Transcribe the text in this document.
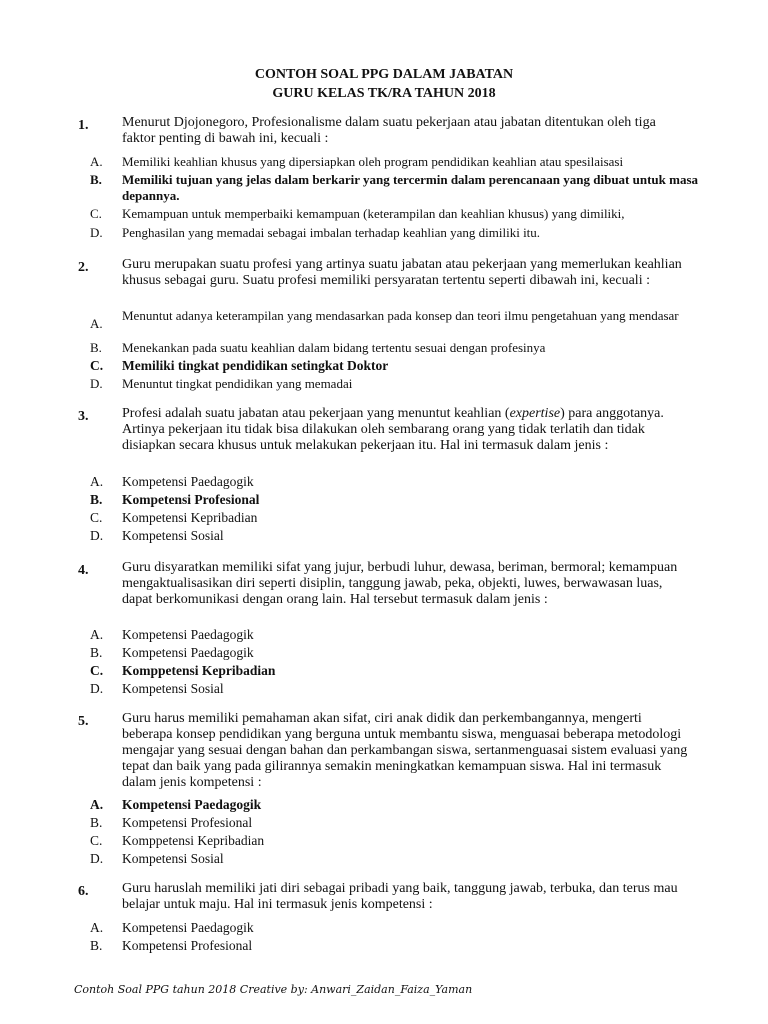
CONTOH SOAL PPG DALAM JABATAN
GURU KELAS TK/RA TAHUN 2018
1. Menurut Djojonegoro, Profesionalisme dalam suatu pekerjaan atau jabatan ditentukan oleh tiga faktor penting di bawah ini, kecuali :
A. Memiliki keahlian khusus yang dipersiapkan oleh program pendidikan keahlian atau spesilaisasi
B. Memiliki tujuan yang jelas dalam berkarir yang tercermin dalam perencanaan yang dibuat untuk masa depannya.
C. Kemampuan untuk memperbaiki kemampuan (keterampilan dan keahlian khusus) yang dimiliki,
D. Penghasilan yang memadai sebagai imbalan terhadap keahlian yang dimiliki itu.
2. Guru merupakan suatu profesi yang artinya suatu jabatan atau pekerjaan yang memerlukan keahlian khusus sebagai guru. Suatu profesi memiliki persyaratan tertentu seperti dibawah ini, kecuali :
A.
Menuntut adanya keterampilan yang mendasarkan pada konsep dan teori ilmu pengetahuan yang mendasar
B. Menekankan pada suatu keahlian dalam bidang tertentu sesuai dengan profesinya
C. Memiliki tingkat pendidikan setingkat Doktor
D. Menuntut tingkat pendidikan yang memadai
3. Profesi adalah suatu jabatan atau pekerjaan yang menuntut keahlian (expertise) para anggotanya. Artinya pekerjaan itu tidak bisa dilakukan oleh sembarang orang yang tidak terlatih dan tidak disiapkan secara khusus untuk melakukan pekerjaan itu. Hal ini termasuk dalam jenis :
A. Kompetensi Paedagogik
B. Kompetensi Profesional
C. Kompetensi Kepribadian
D. Kompetensi Sosial
4. Guru disyaratkan memiliki sifat yang jujur, berbudi luhur, dewasa, beriman, bermoral; kemampuan mengaktualisasikan diri seperti disiplin, tanggung jawab, peka, objekti, luwes, berwawasan luas, dapat berkomunikasi dengan orang lain. Hal tersebut termasuk dalam jenis :
A. Kompetensi Paedagogik
B. Kompetensi Paedagogik
C. Komppetensi Kepribadian
D. Kompetensi Sosial
5. Guru harus memiliki pemahaman akan sifat, ciri anak didik dan perkembangannya, mengerti beberapa konsep pendidikan yang berguna untuk membantu siswa, menguasai beberapa metodologi mengajar yang sesuai dengan bahan dan perkambangan siswa, sertanmenguasai sistem evaluasi yang tepat dan baik yang pada gilirannya semakin meningkatkan kemampuan siswa. Hal ini termasuk dalam jenis kompetensi :
A. Kompetensi Paedagogik
B. Kompetensi Profesional
C. Komppetensi Kepribadian
D. Kompetensi Sosial
6. Guru haruslah memiliki jati diri sebagai pribadi yang baik, tanggung jawab, terbuka, dan terus mau belajar untuk maju. Hal ini termasuk jenis kompetensi :
A. Kompetensi Paedagogik
B. Kompetensi Profesional
Contoh Soal PPG tahun 2018 Creative by: Anwari_Zaidan_Faiza_Yaman
